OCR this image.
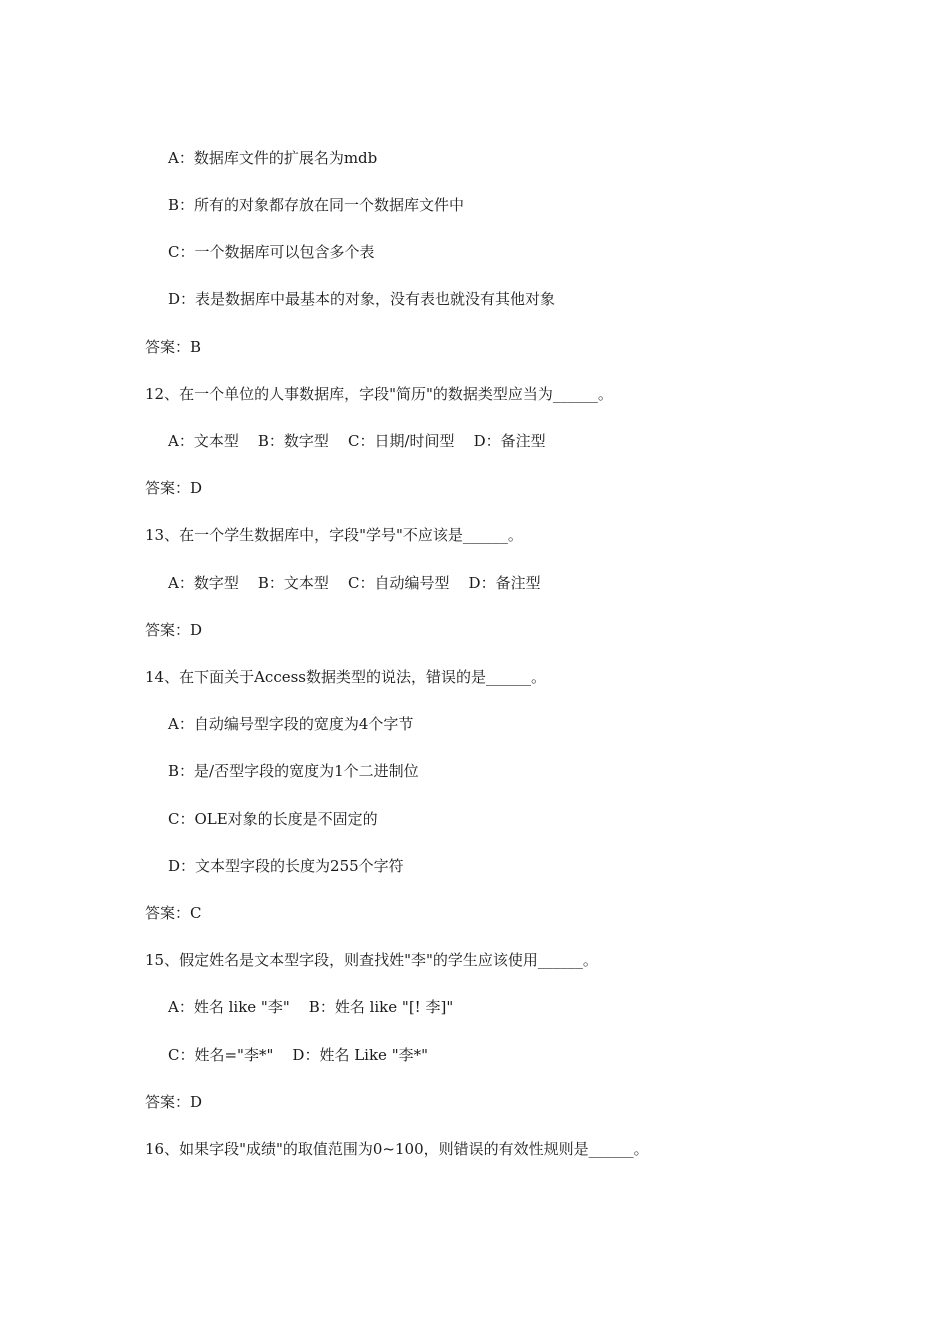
A：数据库文件的扩展名为mdb
B：所有的对象都存放在同一个数据库文件中
C：一个数据库可以包含多个表
D：表是数据库中最基本的对象，没有表也就没有其他对象
答案：B
12、在一个单位的人事数据库，字段"简历"的数据类型应当为______。
A：文本型    B：数字型    C：日期/时间型    D：备注型
答案：D
13、在一个学生数据库中，字段"学号"不应该是______。
A：数字型    B：文本型    C：自动编号型    D：备注型
答案：D
14、在下面关于Access数据类型的说法，错误的是______。
A：自动编号型字段的宽度为4个字节
B：是/否型字段的宽度为1个二进制位
C：OLE对象的长度是不固定的
D：文本型字段的长度为255个字符
答案：C
15、假定姓名是文本型字段，则查找姓"李"的学生应该使用______。
A：姓名 like "李"    B：姓名 like "[! 李]"
C：姓名="李*"    D：姓名 Like "李*"
答案：D
16、如果字段"成绩"的取值范围为0~100，则错误的有效性规则是______。
